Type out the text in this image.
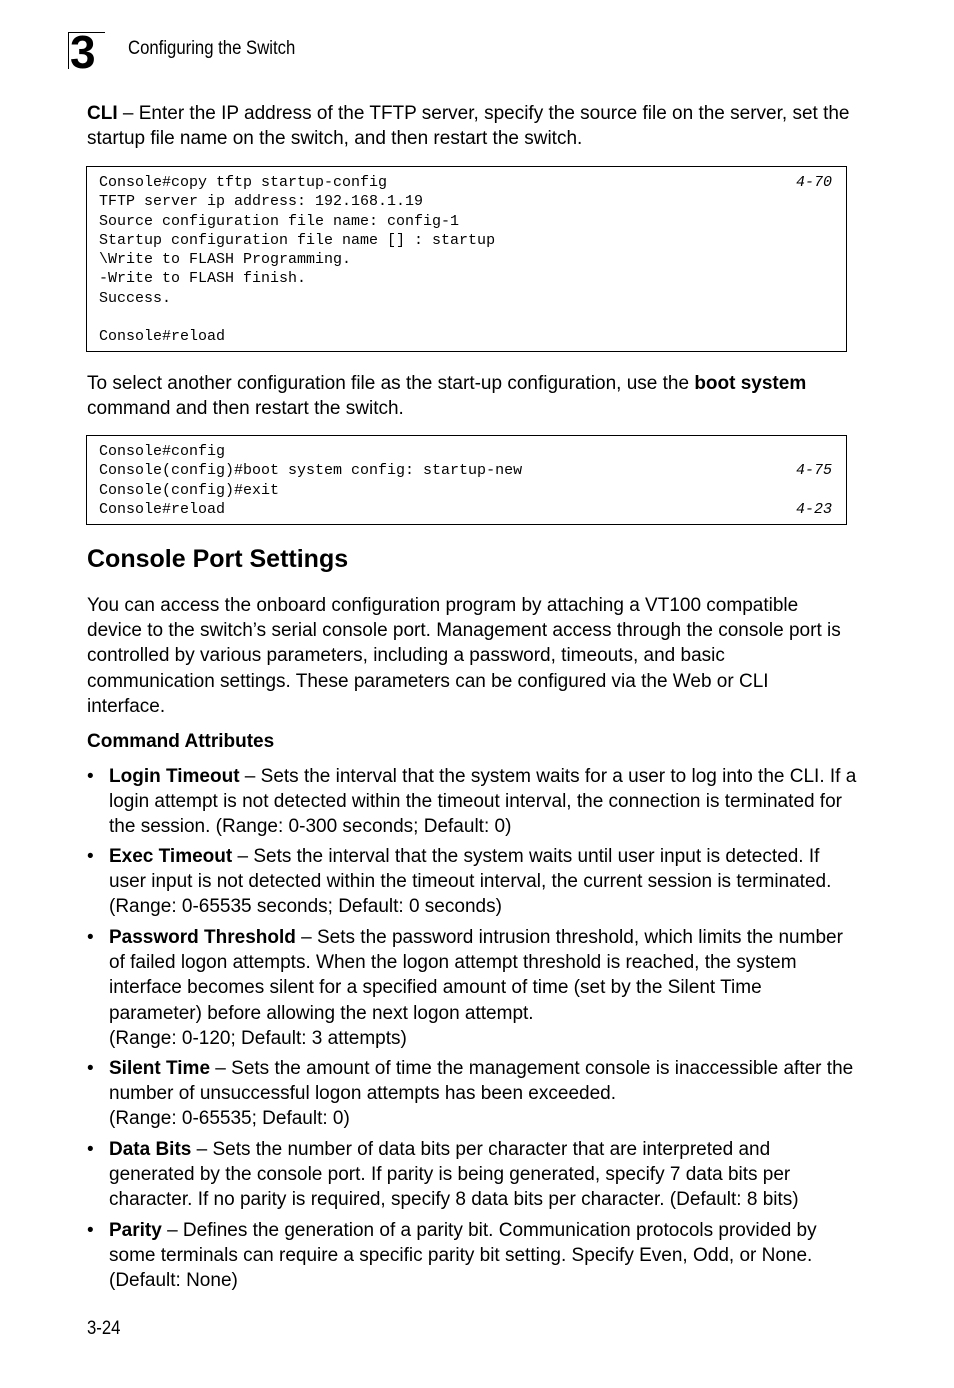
3 Configuring the Switch
CLI – Enter the IP address of the TFTP server, specify the source file on the server, set the startup file name on the switch, and then restart the switch.
Console#copy tftp startup-config	4-70
TFTP server ip address: 192.168.1.19
Source configuration file name: config-1
Startup configuration file name [] : startup
\Write to FLASH Programming.
-Write to FLASH finish.
Success.
Console#reload
To select another configuration file as the start-up configuration, use the boot system command and then restart the switch.
Console#config
Console(config)#boot system config: startup-new	4-75
Console(config)#exit
Console#reload	4-23
Console Port Settings
You can access the onboard configuration program by attaching a VT100 compatible device to the switch’s serial console port. Management access through the console port is controlled by various parameters, including a password, timeouts, and basic communication settings. These parameters can be configured via the Web or CLI interface.
Command Attributes
• Login Timeout – Sets the interval that the system waits for a user to log into the CLI. If a login attempt is not detected within the timeout interval, the connection is terminated for the session. (Range: 0-300 seconds; Default: 0)
• Exec Timeout – Sets the interval that the system waits until user input is detected. If user input is not detected within the timeout interval, the current session is terminated. (Range: 0-65535 seconds; Default: 0 seconds)
• Password Threshold – Sets the password intrusion threshold, which limits the number of failed logon attempts. When the logon attempt threshold is reached, the system interface becomes silent for a specified amount of time (set by the Silent Time parameter) before allowing the next logon attempt.
(Range: 0-120; Default: 3 attempts)
• Silent Time – Sets the amount of time the management console is inaccessible after the number of unsuccessful logon attempts has been exceeded.
(Range: 0-65535; Default: 0)
• Data Bits – Sets the number of data bits per character that are interpreted and generated by the console port. If parity is being generated, specify 7 data bits per character. If no parity is required, specify 8 data bits per character. (Default: 8 bits)
• Parity – Defines the generation of a parity bit. Communication protocols provided by some terminals can require a specific parity bit setting. Specify Even, Odd, or None. (Default: None)
3-24
